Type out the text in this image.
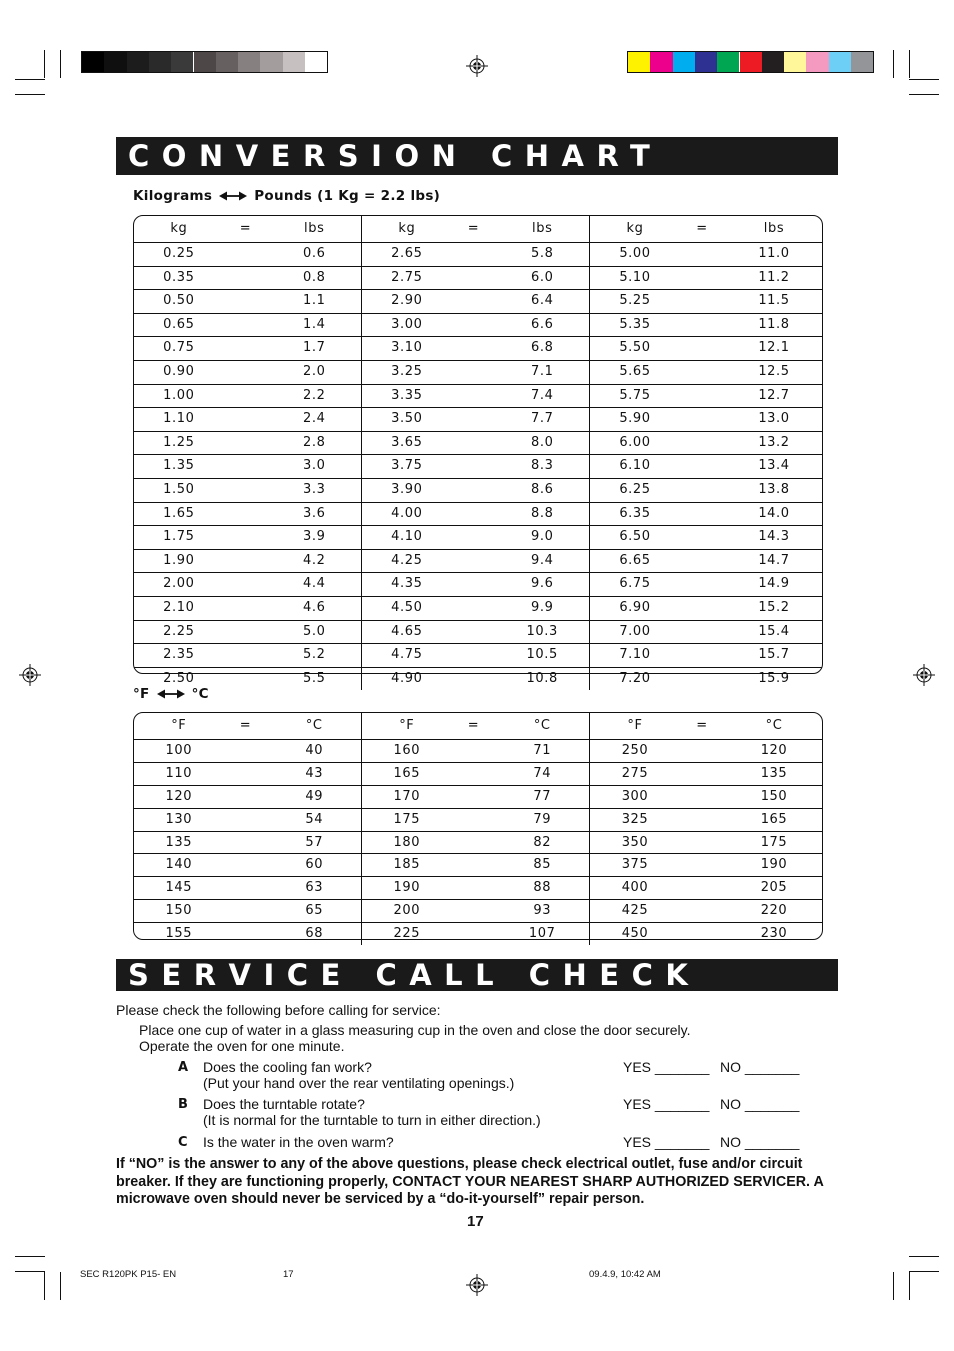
CONVERSION CHART
Kilograms	Pounds (1 Kg = 2.2 lbs)
kg	=	lbs	kg	=	lbs	kg	=	lbs
0.25	0.6	2.65	5.8	5.00	11.0
0.35	0.8	2.75	6.0	5.10	11.2
0.50	1.1	2.90	6.4	5.25	11.5
0.65	1.4	3.00	6.6	5.35	11.8
0.75	1.7	3.10	6.8	5.50	12.1
0.90	2.0	3.25	7.1	5.65	12.5
1.00	2.2	3.35	7.4	5.75	12.7
1.10	2.4	3.50	7.7	5.90	13.0
1.25	2.8	3.65	8.0	6.00	13.2
1.35	3.0	3.75	8.3	6.10	13.4
1.50	3.3	3.90	8.6	6.25	13.8
1.65	3.6	4.00	8.8	6.35	14.0
1.75	3.9	4.10	9.0	6.50	14.3
1.90	4.2	4.25	9.4	6.65	14.7
2.00	4.4	4.35	9.6	6.75	14.9
2.10	4.6	4.50	9.9	6.90	15.2
2.25	5.0	4.65	10.3	7.00	15.4
2.35	5.2	4.75	10.5	7.10	15.7
2.50	5.5	4.90	10.8	7.20	15.9
°F	°C
°F	=	°C	°F	=	°C	°F	=	°C
100	40	160	71	250	120
110	43	165	74	275	135
120	49	170	77	300	150
130	54	175	79	325	165
135	57	180	82	350	175
140	60	185	85	375	190
145	63	190	88	400	205
150	65	200	93	425	220
155	68	225	107	450	230
SERVICE CALL CHECK
Please check the following before calling for service:
Place one cup of water in a glass measuring cup in the oven and close the door securely.
Operate the oven for one minute.
A Does the cooling fan work?
(Put your hand over the rear ventilating openings.)
YES _______ NO _______
B Does the turntable rotate?
(It is normal for the turntable to turn in either direction.)
YES _______ NO _______
C Is the water in the oven warm?	YES _______ NO _______
If “NO” is the answer to any of the above questions, please check electrical outlet, fuse and/or circuit breaker. If they are functioning properly, CONTACT YOUR NEAREST SHARP AUTHORIZED SERVICER. A microwave oven should never be serviced by a “do-it-yourself” repair person.
17
SEC R120PK P15- EN	17	09.4.9, 10:42 AM
